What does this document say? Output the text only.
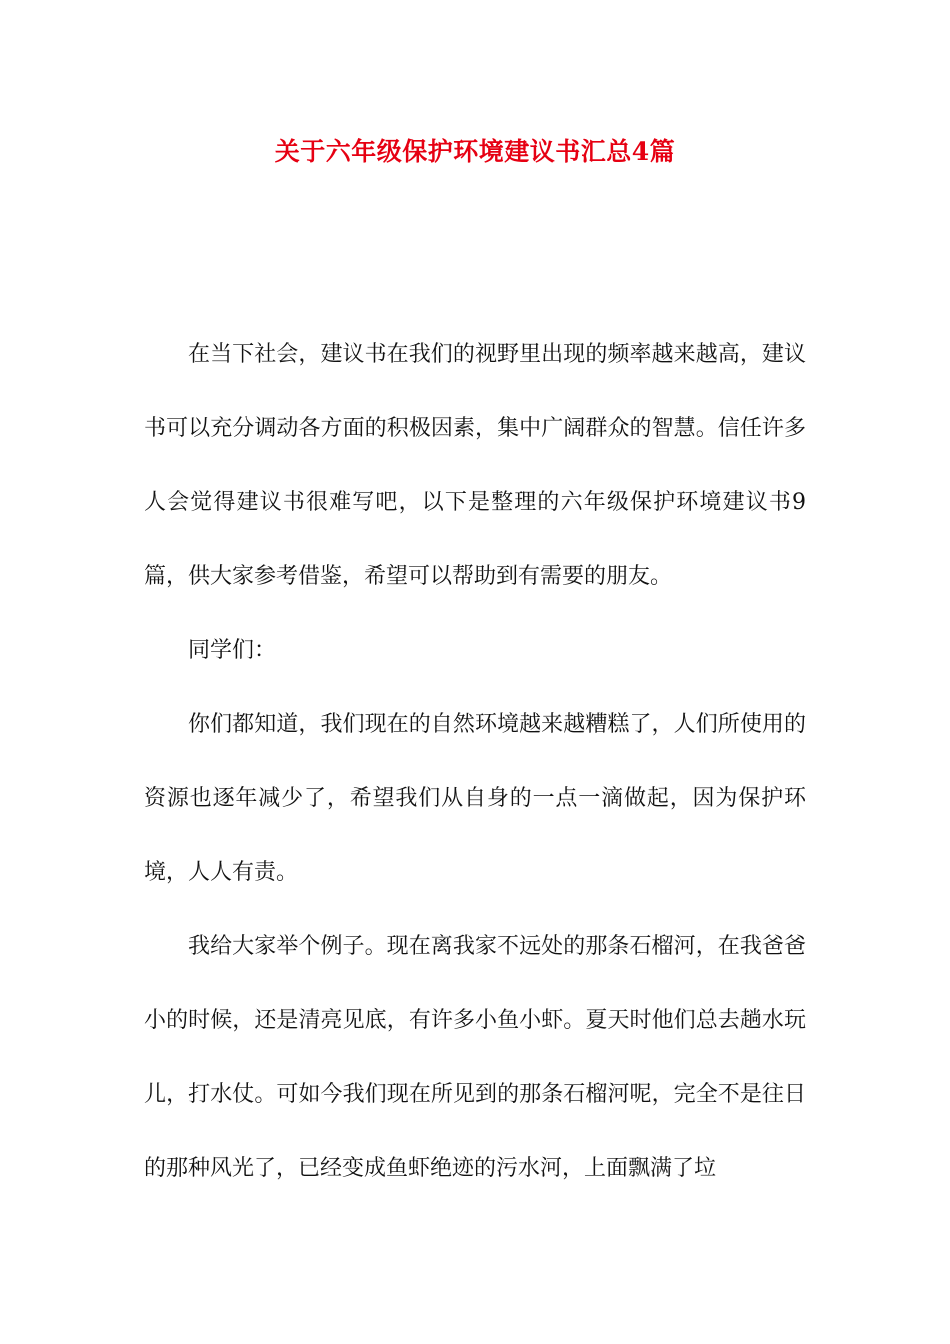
关于六年级保护环境建议书汇总4篇

在当下社会，建议书在我们的视野里出现的频率越来越高，建议书可以充分调动各方面的积极因素，集中广阔群众的智慧。信任许多人会觉得建议书很难写吧，以下是整理的六年级保护环境建议书9篇，供大家参考借鉴，希望可以帮助到有需要的朋友。

同学们：

你们都知道，我们现在的自然环境越来越糟糕了，人们所使用的资源也逐年减少了，希望我们从自身的一点一滴做起，因为保护环境，人人有责。

我给大家举个例子。现在离我家不远处的那条石榴河，在我爸爸小的时候，还是清亮见底，有许多小鱼小虾。夏天时他们总去趟水玩儿，打水仗。可如今我们现在所见到的那条石榴河呢，完全不是往日的那种风光了，已经变成鱼虾绝迹的污水河，上面飘满了垃
